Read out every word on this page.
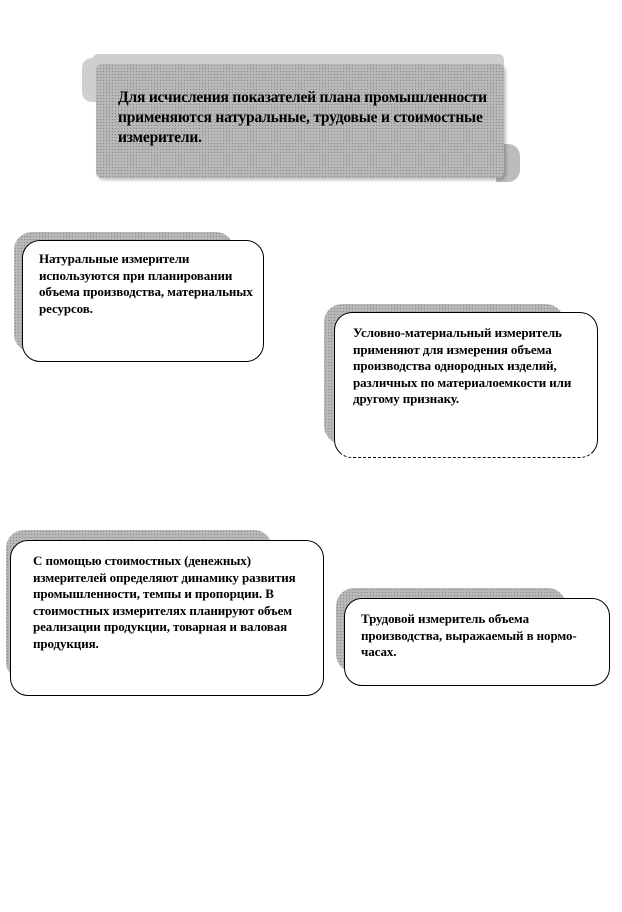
Для исчисления показателей плана промышленности применяются натуральные, трудовые и стоимостные измерители.
Натуральные измерители используются при планировании объема производства, материальных ресурсов.
Условно-материальный измеритель применяют для измерения объема производства однородных изделий, различных по материалоемкости или другому признаку.
С помощью стоимостных (денежных) измерителей определяют динамику развития промышленности, темпы и пропорции. В стоимостных измерителях планируют объем реализации продукции, товарная и валовая продукция.
Трудовой измеритель объема производства, выражаемый в нормо-часах.
